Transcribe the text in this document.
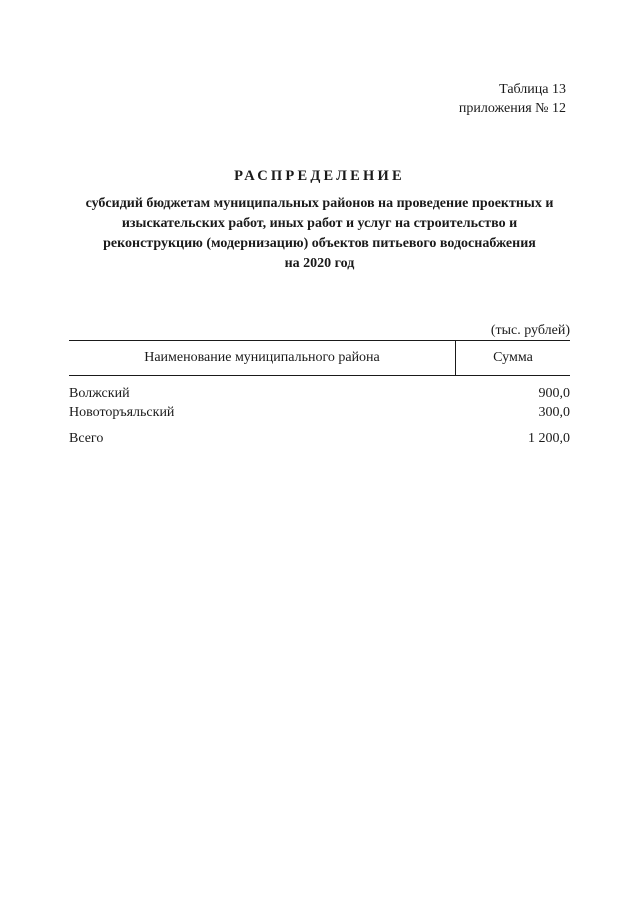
Таблица 13
приложения № 12
РАСПРЕДЕЛЕНИЕ
субсидий бюджетам муниципальных районов на проведение проектных и
изыскательских работ, иных работ и услуг на строительство и
реконструкцию (модернизацию) объектов питьевого водоснабжения
на 2020 год
(тыс. рублей)
Наименование муниципального района	Сумма
Волжский	900,0
Новоторъяльский	300,0
Всего	1 200,0
